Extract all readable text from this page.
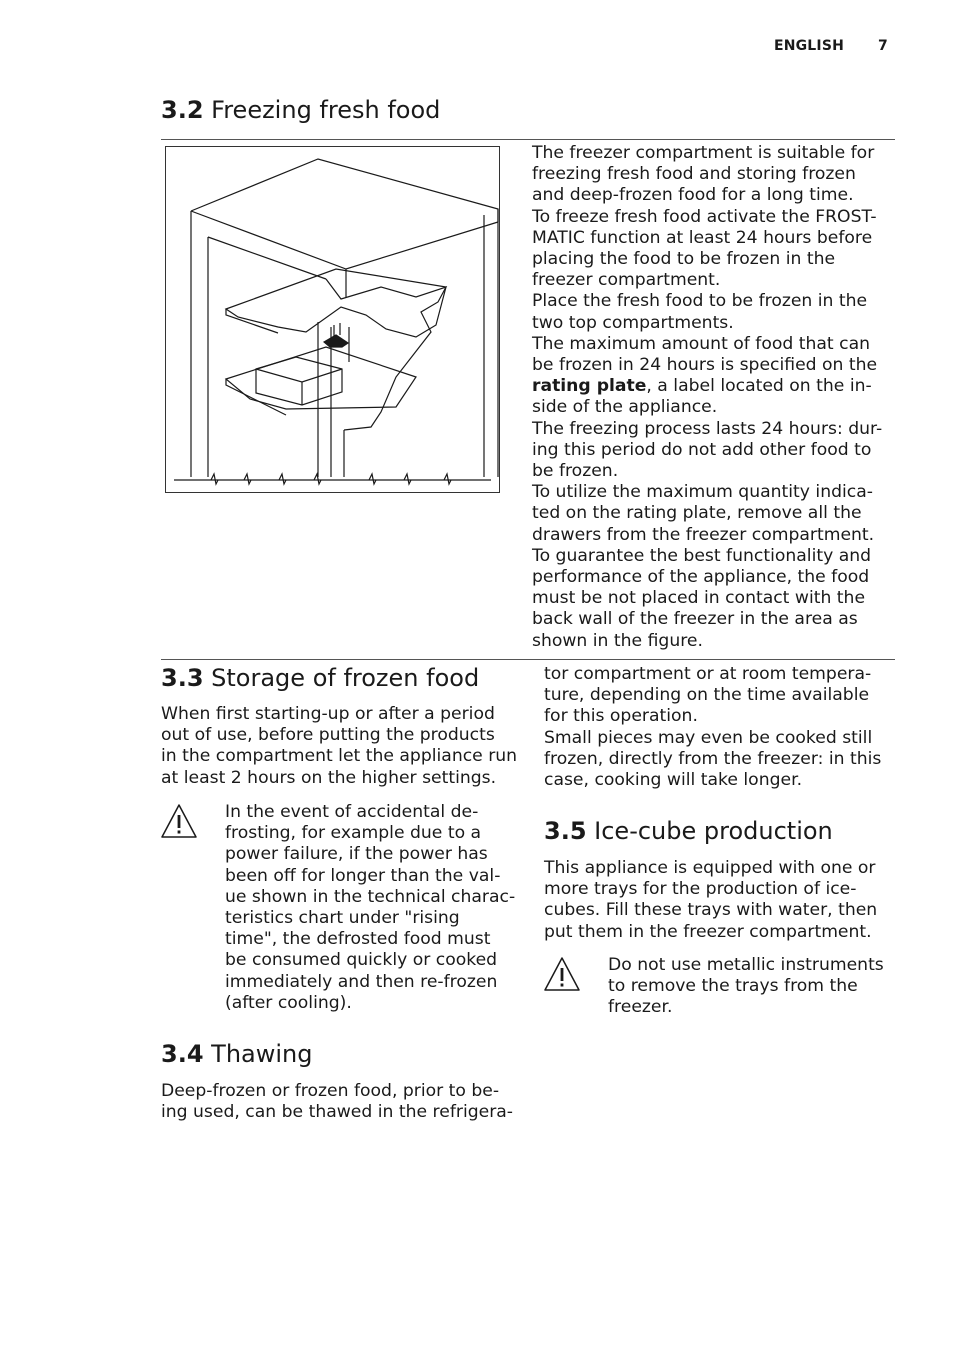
ENGLISH 7
3.2 Freezing fresh food

The freezer compartment is suitable for

freezing fresh food and storing frozen

and deep-frozen food for a long time.

To freeze fresh food activate the FROST-

MATIC function at least 24 hours before

placing the food to be frozen in the

freezer compartment.

Place the fresh food to be frozen in the

two top compartments.

The maximum amount of food that can

be frozen in 24 hours is specified on the

rating plate, a label located on the in-

side of the appliance.

The freezing process lasts 24 hours: dur-

ing this period do not add other food to

be frozen.

To utilize the maximum quantity indica-

ted on the rating plate, remove all the

drawers from the freezer compartment.

To guarantee the best functionality and

performance of the appliance, the food

must be not placed in contact with the

back wall of the freezer in the area as

shown in the figure.

3.3 Storage of frozen food

When first starting-up or after a period

out of use, before putting the products

in the compartment let the appliance run

at least 2 hours on the higher settings.

In the event of accidental de-

frosting, for example due to a

power failure, if the power has

been off for longer than the val-

ue shown in the technical charac-

teristics chart under "rising

time", the defrosted food must

be consumed quickly or cooked

immediately and then re-frozen

(after cooling).

3.4 Thawing

Deep-frozen or frozen food, prior to be-

ing used, can be thawed in the refrigera-

tor compartment or at room tempera-

ture, depending on the time available

for this operation.

Small pieces may even be cooked still

frozen, directly from the freezer: in this

case, cooking will take longer.

3.5 Ice-cube production

This appliance is equipped with one or

more trays for the production of ice-

cubes. Fill these trays with water, then

put them in the freezer compartment.

Do not use metallic instruments

to remove the trays from the

freezer.
